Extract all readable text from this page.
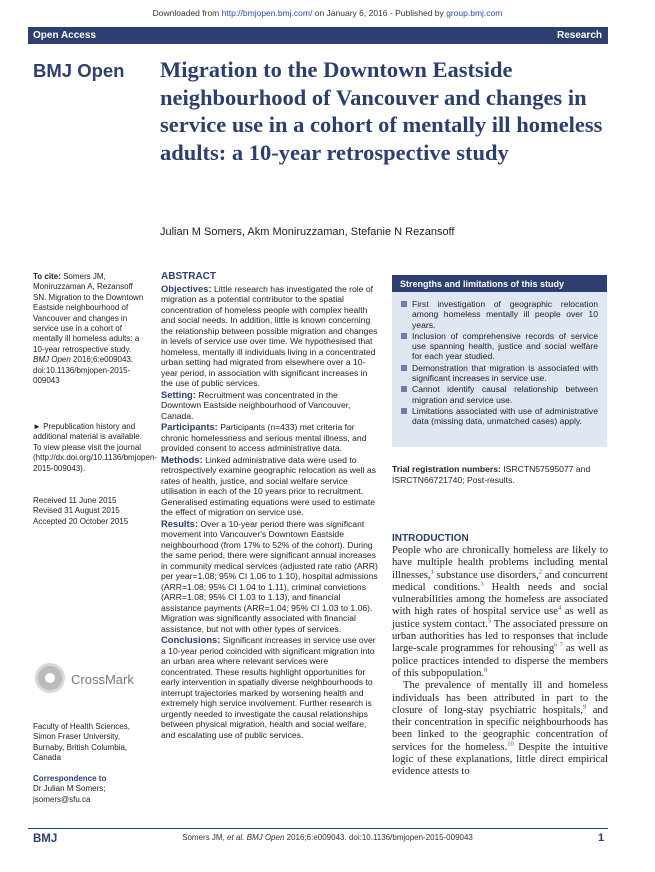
Downloaded from http://bmjopen.bmj.com/ on January 6, 2016 - Published by group.bmj.com
Open Access	Research
BMJ Open Migration to the Downtown Eastside neighbourhood of Vancouver and changes in service use in a cohort of mentally ill homeless adults: a 10-year retrospective study
Julian M Somers, Akm Moniruzzaman, Stefanie N Rezansoff
To cite: Somers JM, Moniruzzaman A, Rezansoff SN. Migration to the Downtown Eastside neighbourhood of Vancouver and changes in service use in a cohort of mentally ill homeless adults: a 10-year retrospective study. BMJ Open 2016;6:e009043. doi:10.1136/bmjopen-2015-009043
► Prepublication history and additional material is available. To view please visit the journal (http://dx.doi.org/10.1136/bmjopen-2015-009043).
Received 11 June 2015
Revised 31 August 2015
Accepted 20 October 2015
CrossMark
Faculty of Health Sciences, Simon Fraser University, Burnaby, British Columbia, Canada
Correspondence to
Dr Julian M Somers; jsomers@sfu.ca
ABSTRACT

Objectives: Little research has investigated the role of migration as a potential contributor to the spatial concentration of homeless people with complex health and social needs. In addition, little is known concerning the relationship between possible migration and changes in levels of service use over time. We hypothesised that homeless, mentally ill individuals living in a concentrated urban setting had migrated from elsewhere over a 10-year period, in association with significant increases in the use of public services.

Setting: Recruitment was concentrated in the Downtown Eastside neighbourhood of Vancouver, Canada.

Participants: Participants (n=433) met criteria for chronic homelessness and serious mental illness, and provided consent to access administrative data.

Methods: Linked administrative data were used to retrospectively examine geographic relocation as well as rates of health, justice, and social welfare service utilisation in each of the 10 years prior to recruitment. Generalised estimating equations were used to estimate the effect of migration on service use.

Results: Over a 10-year period there was significant movement into Vancouver's Downtown Eastside neighbourhood (from 17% to 52% of the cohort). During the same period, there were significant annual increases in community medical services (adjusted rate ratio (ARR) per year=1.08; 95% CI 1.06 to 1.10), hospital admissions (ARR=1.08; 95% CI 1.04 to 1.11), criminal convictions (ARR=1.08; 95% CI 1.03 to 1.13), and financial assistance payments (ARR=1.04; 95% CI 1.03 to 1.06). Migration was significantly associated with financial assistance, but not with other types of services.

Conclusions: Significant increases in service use over a 10-year period coincided with significant migration into an urban area where relevant services were concentrated. These results highlight opportunities for early intervention in spatially diverse neighbourhoods to interrupt trajectories marked by worsening health and extremely high service involvement. Further research is urgently needed to investigate the causal relationships between physical migration, health and social welfare, and escalating use of public services.

Strengths and limitations of this study
First investigation of geographic relocation among homeless mentally ill people over 10 years.
Inclusion of comprehensive records of service use spanning health, justice and social welfare for each year studied.
Demonstration that migration is associated with significant increases in service use.
Cannot identify causal relationship between migration and service use.
Limitations associated with use of administrative data (missing data, unmatched cases) apply.
Trial registration numbers: ISRCTN57595077 and ISRCTN66721740; Post-results.
INTRODUCTION

People who are chronically homeless are likely to have multiple health problems including mental illnesses,$^1$ substance use disorders,$^2$ and concurrent medical conditions.$^3$ Health needs and social vulnerabilities among the homeless are associated with high rates of hospital service use$^4$ as well as justice system contact.$^5$ The associated pressure on urban authorities has led to responses that include large-scale programmes for rehousing$^{6 7}$ as well as police practices intended to disperse the members of this subpopulation.$^8$

The prevalence of mentally ill and homeless individuals has been attributed in part to the closure of long-stay psychiatric hospitals,$^9$ and their concentration in specific neighbourhoods has been linked to the geographic concentration of services for the homeless.$^{10}$ Despite the intuitive logic of these explanations, little direct empirical evidence attests to

BMJ	Somers JM, et al. BMJ Open 2016;6:e009043. doi:10.1136/bmjopen-2015-009043	1
